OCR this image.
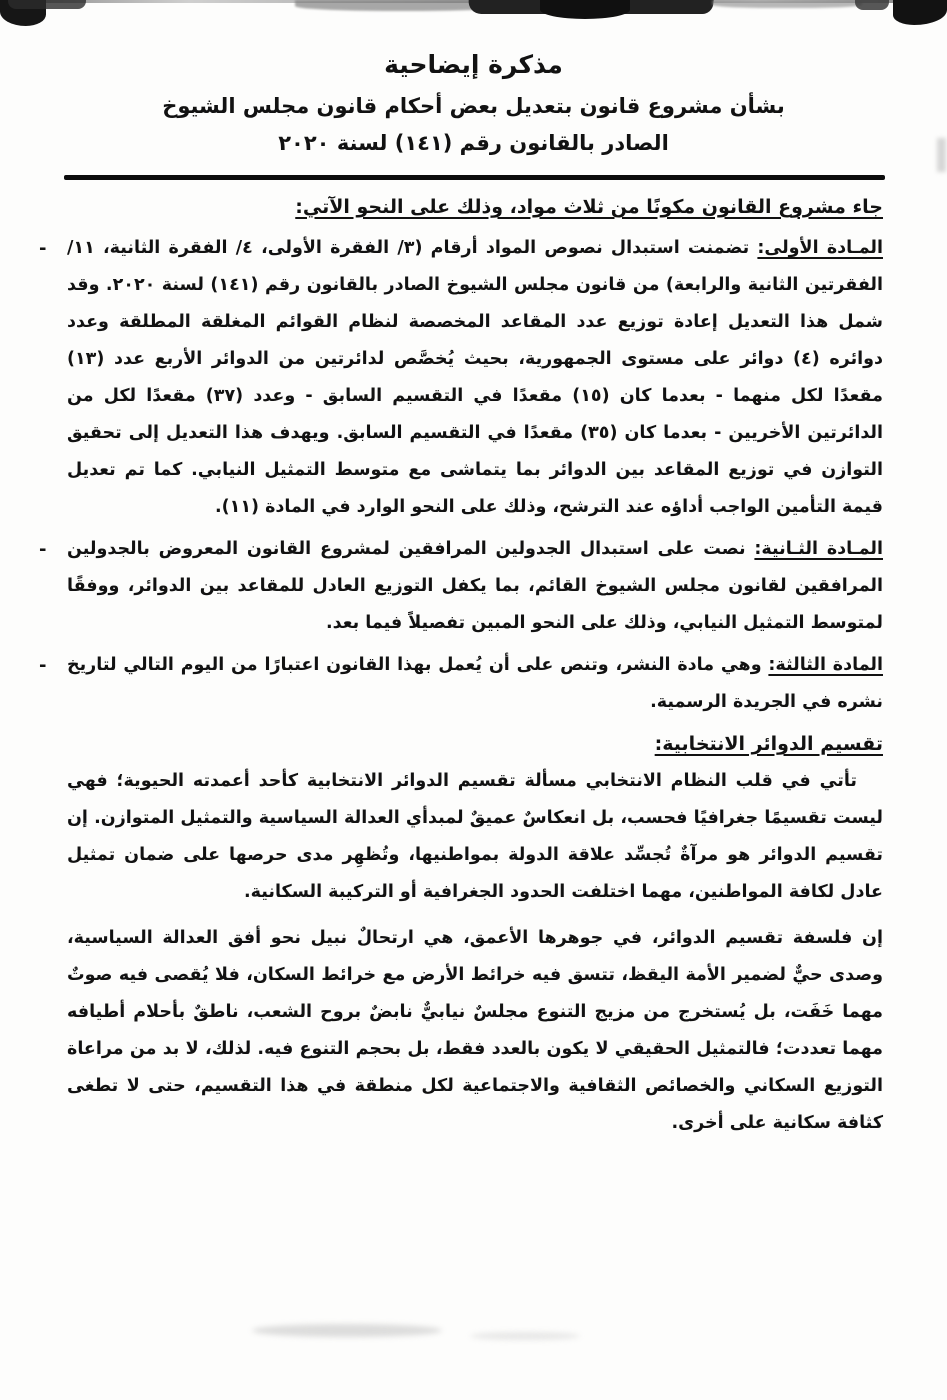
مذكرة إيضاحية
بشأن مشروع قانون بتعديل بعض أحكام قانون مجلس الشيوخ
الصادر بالقانون رقم (١٤١) لسنة ٢٠٢٠
جاء مشروع القانون مكونًا من ثلاث مواد، وذلك على النحو الآتي:
-	المـادة الأولى: تضمنت استبدال نصوص المواد أرقام (٣/ الفقرة الأولى، ٤/ الفقرة الثانية، ١١/ الفقرتين الثانية والرابعة) من قانون مجلس الشيوخ الصادر بالقانون رقم (١٤١) لسنة ٢٠٢٠. وقد شمل هذا التعديل إعادة توزيع عدد المقاعد المخصصة لنظام القوائم المغلقة المطلقة وعدد دوائره (٤) دوائر على مستوى الجمهورية، بحيث يُخصَّص لدائرتين من الدوائر الأربع عدد (١٣) مقعدًا لكل منهما - بعدما كان (١٥) مقعدًا في التقسيم السابق - وعدد (٣٧) مقعدًا لكل من الدائرتين الأخريين - بعدما كان (٣٥) مقعدًا في التقسيم السابق. ويهدف هذا التعديل إلى تحقيق التوازن في توزيع المقاعد بين الدوائر بما يتماشى مع متوسط التمثيل النيابي. كما تم تعديل قيمة التأمين الواجب أداؤه عند الترشح، وذلك على النحو الوارد في المادة (١١).
-	المـادة الثـانية: نصت على استبدال الجدولين المرافقين لمشروع القانون المعروض بالجدولين المرافقين لقانون مجلس الشيوخ القائم، بما يكفل التوزيع العادل للمقاعد بين الدوائر، ووفقًا لمتوسط التمثيل النيابي، وذلك على النحو المبين تفصيلاً فيما بعد.
-	المادة الثالثة: وهي مادة النشر، وتنص على أن يُعمل بهذا القانون اعتبارًا من اليوم التالي لتاريخ نشره في الجريدة الرسمية.
تقسيم الدوائر الانتخابية:

تأتي في قلب النظام الانتخابي مسألة تقسيم الدوائر الانتخابية كأحد أعمدته الحيوية؛ فهي ليست تقسيمًا جغرافيًا فحسب، بل انعكاسٌ عميقٌ لمبدأي العدالة السياسية والتمثيل المتوازن. إن تقسيم الدوائر هو مرآةٌ تُجسِّد علاقة الدولة بمواطنيها، وتُظهِر مدى حرصها على ضمان تمثيل عادل لكافة المواطنين، مهما اختلفت الحدود الجغرافية أو التركيبة السكانية.

إن فلسفة تقسيم الدوائر، في جوهرها الأعمق، هي ارتحالٌ نبيل نحو أفق العدالة السياسية، وصدى حيٌّ لضمير الأمة اليقظ، تتسق فيه خرائط الأرض مع خرائط السكان، فلا يُقصى فيه صوتٌ مهما خَفَت، بل يُستخرج من مزيج التنوع مجلسٌ نيابيٌّ نابضٌ بروح الشعب، ناطقٌ بأحلام أطيافه مهما تعددت؛ فالتمثيل الحقيقي لا يكون بالعدد فقط، بل بحجم التنوع فيه. لذلك، لا بد من مراعاة التوزيع السكاني والخصائص الثقافية والاجتماعية لكل منطقة في هذا التقسيم، حتى لا تطغى كثافة سكانية على أخرى.
